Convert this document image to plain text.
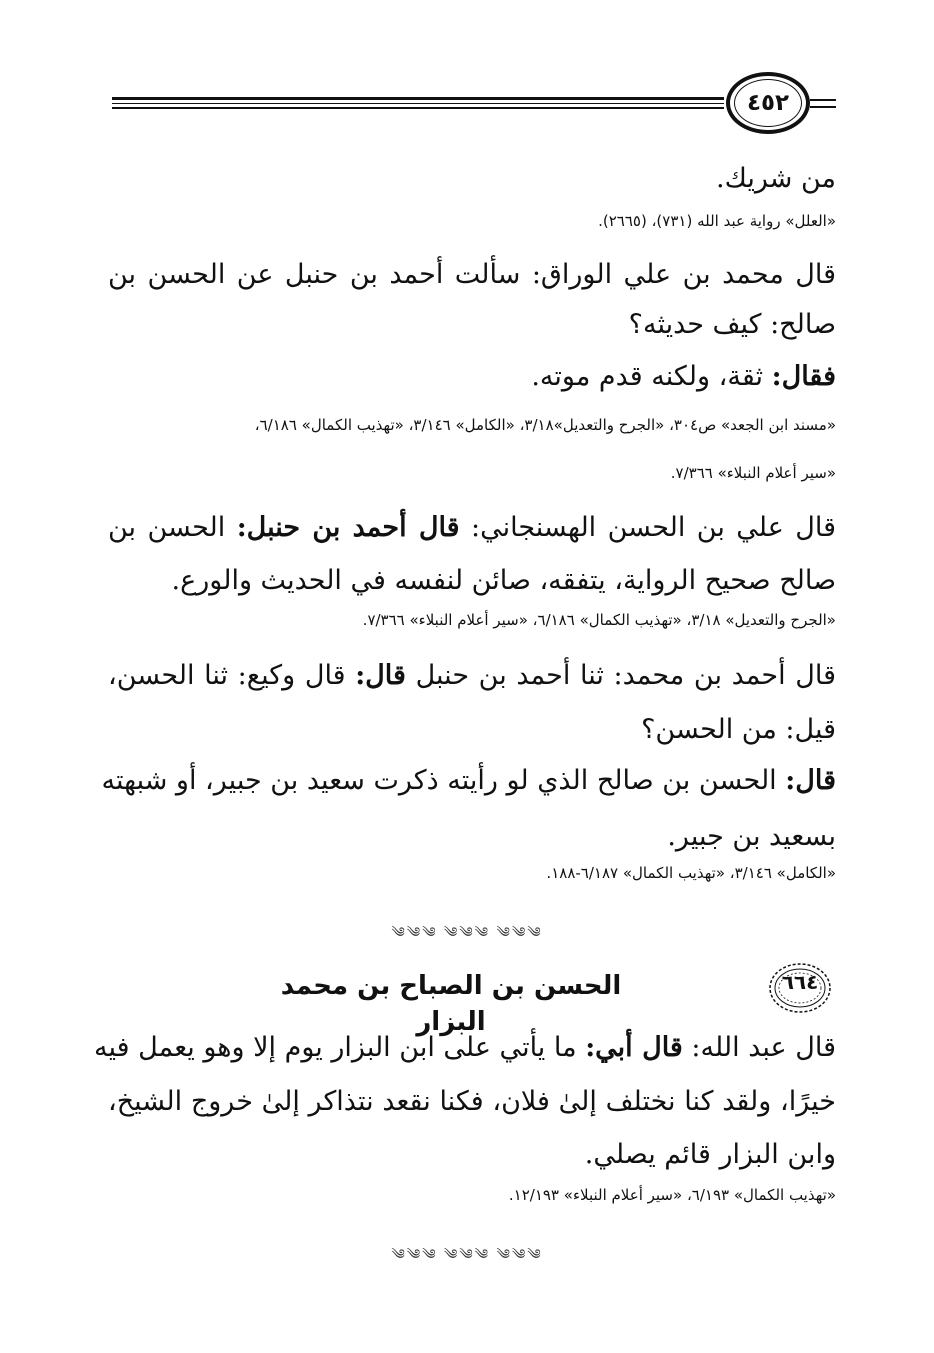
٤٥٢
من شريك.
«العلل» رواية عبد الله (٧٣١)، (٢٦٦٥).
قال محمد بن علي الوراق: سألت أحمد بن حنبل عن الحسن بن
صالح: كيف حديثه؟
فقال: ثقة، ولكنه قدم موته.
«مسند ابن الجعد» ص٣٠٤، «الجرح والتعديل»٣/١٨، «الكامل» ٣/١٤٦، «تهذيب الكمال» ٦/١٨٦،
«سير أعلام النبلاء» ٧/٣٦٦.
قال علي بن الحسن الهسنجاني: قال أحمد بن حنبل: الحسن بن
صالح صحيح الرواية، يتفقه، صائن لنفسه في الحديث والورع.
«الجرح والتعديل» ٣/١٨، «تهذيب الكمال» ٦/١٨٦، «سير أعلام النبلاء» ٧/٣٦٦.
قال أحمد بن محمد: ثنا أحمد بن حنبل قال: قال وكيع: ثنا الحسن،
قيل: من الحسن؟
قال: الحسن بن صالح الذي لو رأيته ذكرت سعيد بن جبير، أو شبهته
بسعيد بن جبير.
«الكامل» ٣/١٤٦، «تهذيب الكمال» ٦/١٨٧-١٨٨.
༄༄༄ ༄༄༄ ༄༄༄
٦٦٤
الحسن بن الصباح بن محمد البزار
قال عبد الله: قال أبي: ما يأتي على ابن البزار يوم إلا وهو يعمل فيه
خيرًا، ولقد كنا نختلف إلىٰ فلان، فكنا نقعد نتذاكر إلىٰ خروج الشيخ،
وابن البزار قائم يصلي.
«تهذيب الكمال» ٦/١٩٣، «سير أعلام النبلاء» ١٢/١٩٣.
༄༄༄ ༄༄༄ ༄༄༄
